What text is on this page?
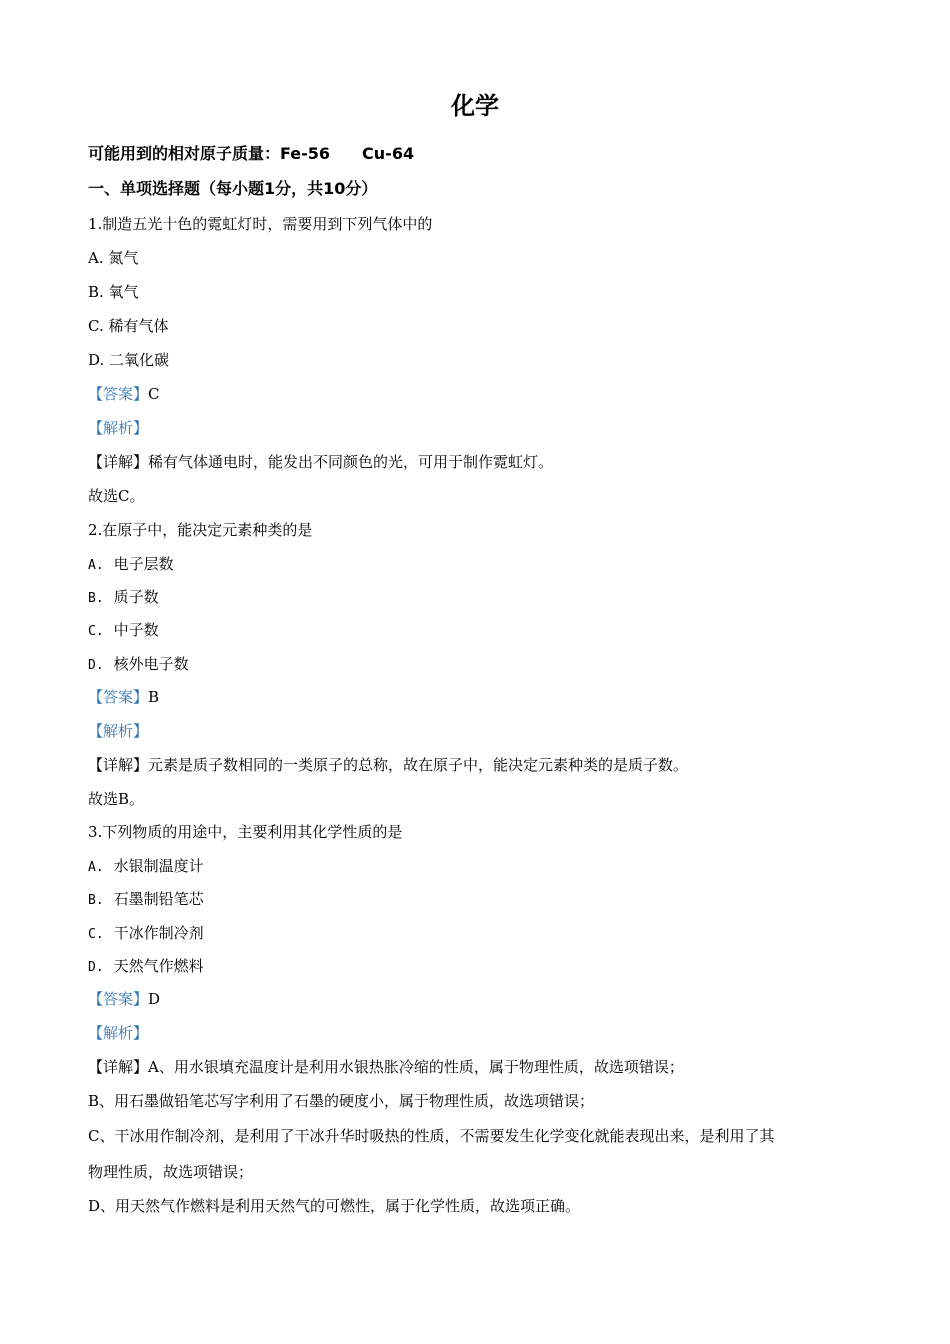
化学
可能用到的相对原子质量：Fe-56　　Cu-64
一、单项选择题（每小题1分，共10分）
1.制造五光十色的霓虹灯时，需要用到下列气体中的
A. 氮气
B. 氧气
C. 稀有气体
D. 二氧化碳
【答案】C
【解析】
【详解】稀有气体通电时，能发出不同颜色的光，可用于制作霓虹灯。
故选C。
2.在原子中，能决定元素种类的是
A. 电子层数
B. 质子数
C. 中子数
D. 核外电子数
【答案】B
【解析】
【详解】元素是质子数相同的一类原子的总称，故在原子中，能决定元素种类的是质子数。
故选B。
3.下列物质的用途中，主要利用其化学性质的是
A. 水银制温度计
B. 石墨制铅笔芯
C. 干冰作制冷剂
D. 天然气作燃料
【答案】D
【解析】
【详解】A、用水银填充温度计是利用水银热胀冷缩的性质，属于物理性质，故选项错误；
B、用石墨做铅笔芯写字利用了石墨的硬度小，属于物理性质，故选项错误；
C、干冰用作制冷剂，是利用了干冰升华时吸热的性质，不需要发生化学变化就能表现出来，是利用了其
物理性质，故选项错误；
D、用天然气作燃料是利用天然气的可燃性，属于化学性质，故选项正确。
